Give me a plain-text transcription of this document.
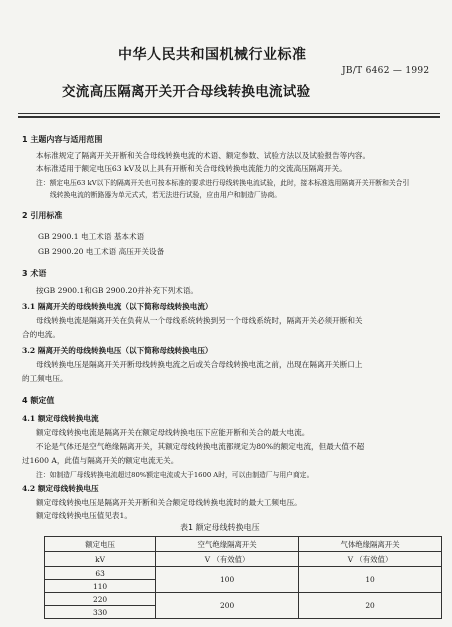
中华人民共和国机械行业标准
JB/T 6462 — 1992
交流高压隔离开关开合母线转换电流试验
1 主题内容与适用范围
本标准规定了隔离开关开断和关合母线转换电流的术语、额定参数、试验方法以及试验报告等内容。
本标准适用于额定电压63 kV及以上具有开断和关合母线转换电流能力的交流高压隔离开关。
注：额定电压63 kV以下的隔离开关也可按本标准的要求进行母线转换电流试验，此时，接本标准选用隔离开关开断和关合引
线转换电流的断路器为单元式式，若无法进行试验，应由用户和制造厂协商。
2 引用标准
GB 2900.1 电工术语 基本术语
GB 2900.20 电工术语 高压开关设备
3 术语
按GB 2900.1和GB 2900.20并补充下列术语。
3.1 隔离开关的母线转换电流（以下简称母线转换电流）
母线转换电流是隔离开关在负荷从一个母线系统转换到另一个母线系统时，隔离开关必须开断和关
合的电流。
3.2 隔离开关的母线转换电压（以下简称母线转换电压）
母线转换电压是隔离开关开断母线转换电流之后或关合母线转换电流之前，出现在隔离开关断口上
的工频电压。
4 额定值
4.1 额定母线转换电流
额定母线转换电流是隔离开关在额定母线转换电压下应能开断和关合的最大电流。
不论是气体还是空气绝缘隔离开关，其额定母线转换电流都规定为80%的额定电流，但最大值不超
过1600 A，此值与隔离开关的额定电流无关。
注：如制造厂母线转换电流超过80%额定电流或大于1600 A时，可以由制造厂与用户商定。
4.2 额定母线转换电压
额定母线转换电压是隔离开关开断和关合额定母线转换电流时的最大工频电压。
额定母线转换电压值见表1。
表1 额定母线转换电压
额定电压	空气绝缘隔离开关	气体绝缘隔离开关
kV	V （有效值）	V （有效值）
63	100	10
110		
220	200	20
330		
